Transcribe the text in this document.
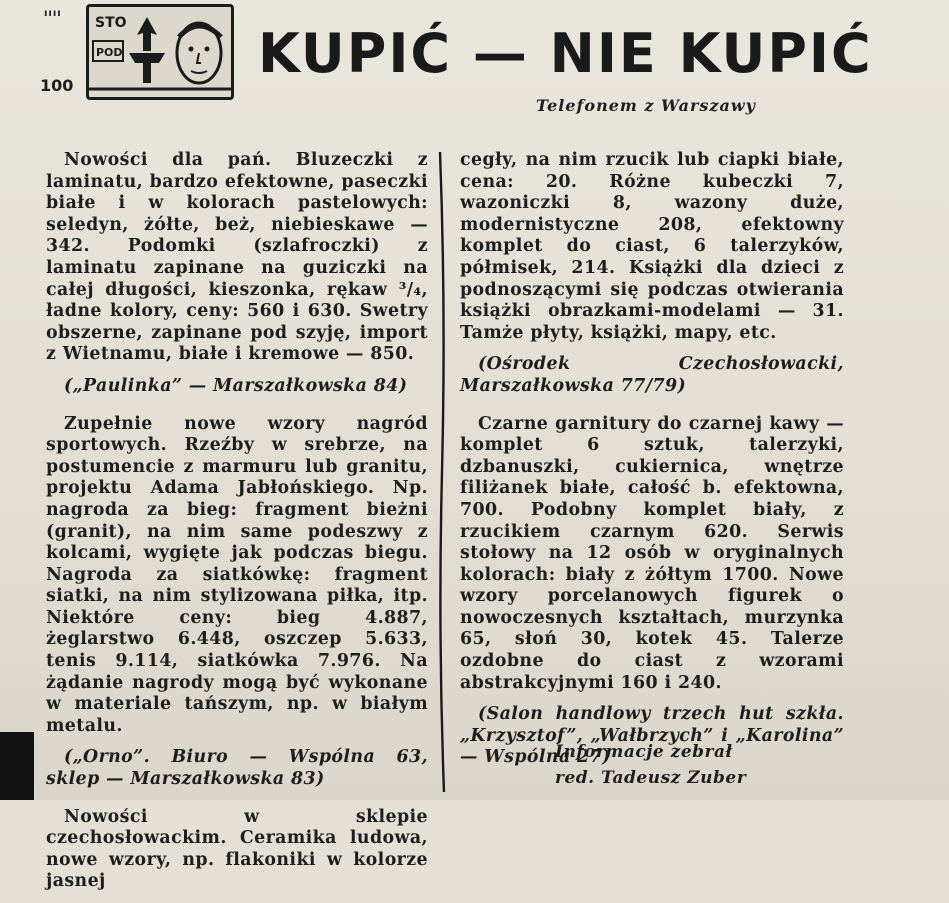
ıııı
100
STO
POD	KUPIĆ — NIE KUPIĆ
Telefonem z Warszawy

Nowości dla pań. Bluzeczki z laminatu, bardzo efektowne, paseczki białe i w kolorach pastelowych: seledyn, żółte, beż, niebieskawe — 342. Podomki (szlafroczki) z laminatu zapinane na guziczki na całej długości, kieszonka, rękaw ³/₄, ładne kolory, ceny: 560 i 630. Swetry obszerne, zapinane pod szyję, import z Wietnamu, białe i kremowe — 850.

(„Paulinka” — Marszałkowska 84)

Zupełnie nowe wzory nagród sportowych. Rzeźby w srebrze, na postumencie z marmuru lub granitu, projektu Adama Jabłońskiego. Np. nagroda za bieg: fragment bieżni (granit), na nim same podeszwy z kolcami, wygięte jak podczas biegu. Nagroda za siatkówkę: fragment siatki, na nim stylizowana piłka, itp. Niektóre ceny: bieg 4.887, żeglarstwo 6.448, oszczep 5.633, tenis 9.114, siatkówka 7.976. Na żądanie nagrody mogą być wykonane w materiale tańszym, np. w białym metalu.

(„Orno”. Biuro — Wspólna 63, sklep — Marszałkowska 83)

Nowości w sklepie czechosłowackim. Ceramika ludowa, nowe wzory, np. flakoniki w kolorze jasnej

cegły, na nim rzucik lub ciapki białe, cena: 20. Różne kubeczki 7, wazoniczki 8, wazony duże, modernistyczne 208, efektowny komplet do ciast, 6 talerzyków, półmisek, 214. Książki dla dzieci z podnoszącymi się podczas otwierania książki obrazkami-modelami — 31. Tamże płyty, książki, mapy, etc.

(Ośrodek Czechosłowacki, Marszałkowska 77/79)

Czarne garnitury do czarnej kawy — komplet 6 sztuk, talerzyki, dzbanuszki, cukiernica, wnętrze filiżanek białe, całość b. efektowna, 700. Podobny komplet biały, z rzucikiem czarnym 620. Serwis stołowy na 12 osób w oryginalnych kolorach: biały z żółtym 1700. Nowe wzory porcelanowych figurek o nowoczesnych kształtach, murzynka 65, słoń 30, kotek 45. Talerze ozdobne do ciast z wzorami abstrakcyjnymi 160 i 240.

(Salon handlowy trzech hut szkła. „Krzysztof”, „Wałbrzych” i „Karolina” — Wspólna 27)

Informacje zebrał
red. Tadeusz Zuber
